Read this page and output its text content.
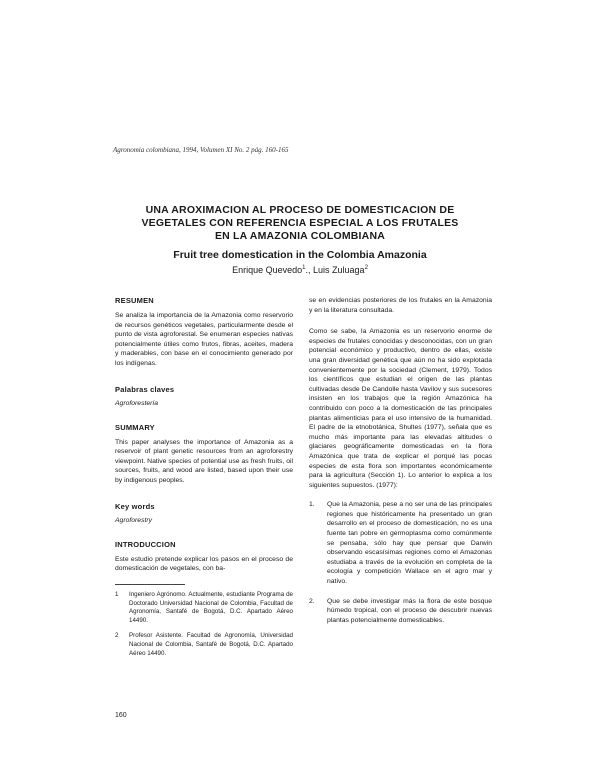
Agronomia colombiana, 1994, Volumen XI No. 2 pág. 160-165
UNA AROXIMACION AL PROCESO DE DOMESTICACION DE
VEGETALES CON REFERENCIA ESPECIAL A LOS FRUTALES
EN LA AMAZONIA COLOMBIANA
Fruit tree domestication in the Colombia Amazonia
Enrique Quevedo$^1$., Luis Zuluaga$^2$
RESUMEN

Se analiza la importancia de la Amazonia como reservorio de recursos genéticos vegetales, particularmente desde el punto de vista agroforestal. Se enumeran especies nativas potencialmente útiles como frutos, fibras, aceites, madera y maderables, con base en el conocimiento generado por los indígenas.

Palabras claves
Agroforestería
SUMMARY

This paper analyses the importance of Amazonia as a reservoir of plant genetic resources from an agroforestry viewpoint. Native species of potential use as fresh fruits, oil sources, fruits, and wood are listed, based upon their use by indigenous peoples.

Key words
Agroforestry
INTRODUCCION

Este estudio pretende explicar los pasos en el proceso de domesticación de vegetales, con ba-

1	Ingeniero Agrónomo. Actualmente, estudiante Programa de Doctorado Universidad Nacional de Colombia, Facultad de Agronomía, Santafé de Bogotá, D.C. Apartado Aéreo 14490.
2	Profesor Asistente. Facultad de Agronomía, Universidad Nacional de Colombia, Santafé de Bogotá, D.C. Apartado Aéreo 14490.

se en evidencias posteriores de los frutales en la Amazonia y en la literatura consultada.

Como se sabe, la Amazonia es un reservorio enorme de especies de frutales conocidas y desconocidas, con un gran potencial económico y productivo, dentro de ellas, existe una gran diversidad genética que aún no ha sido explotada convenientemente por la sociedad (Clement, 1979). Todos los científicos que estudian el origen de las plantas cultivadas desde De Candolle hasta Vavilov y sus sucesores insisten en los trabajos que la región Amazónica ha contribuido con poco a la domesticación de las principales plantas alimenticias para el uso intensivo de la humanidad. El padre de la etnobotánica, Shultes (1977), señala que es mucho más importante para las elevadas altitudes o glaciares geográficamente domesticadas en la flora Amazónica que trata de explicar el porqué las pocas especies de esta flora son importantes económicamente para la agricultura (Sección 1). Lo anterior lo explica a los siguientes supuestos. (1977):

1.	Que la Amazonia, pese a no ser una de las principales regiones que históricamente ha presentado un gran desarrollo en el proceso de domesticación, no es una fuente tan pobre en germoplasma como comúnmente se pensaba, sólo hay que pensar que Darwin observando escasísimas regiones como el Amazonas estudiaba a través de la evolución en completa de la ecología y competición Wallace en el agro mar y nativo.

2.	Que se debe investigar más la flora de este bosque húmedo tropical, con el proceso de descubrir nuevas plantas potencialmente domesticables.

160
